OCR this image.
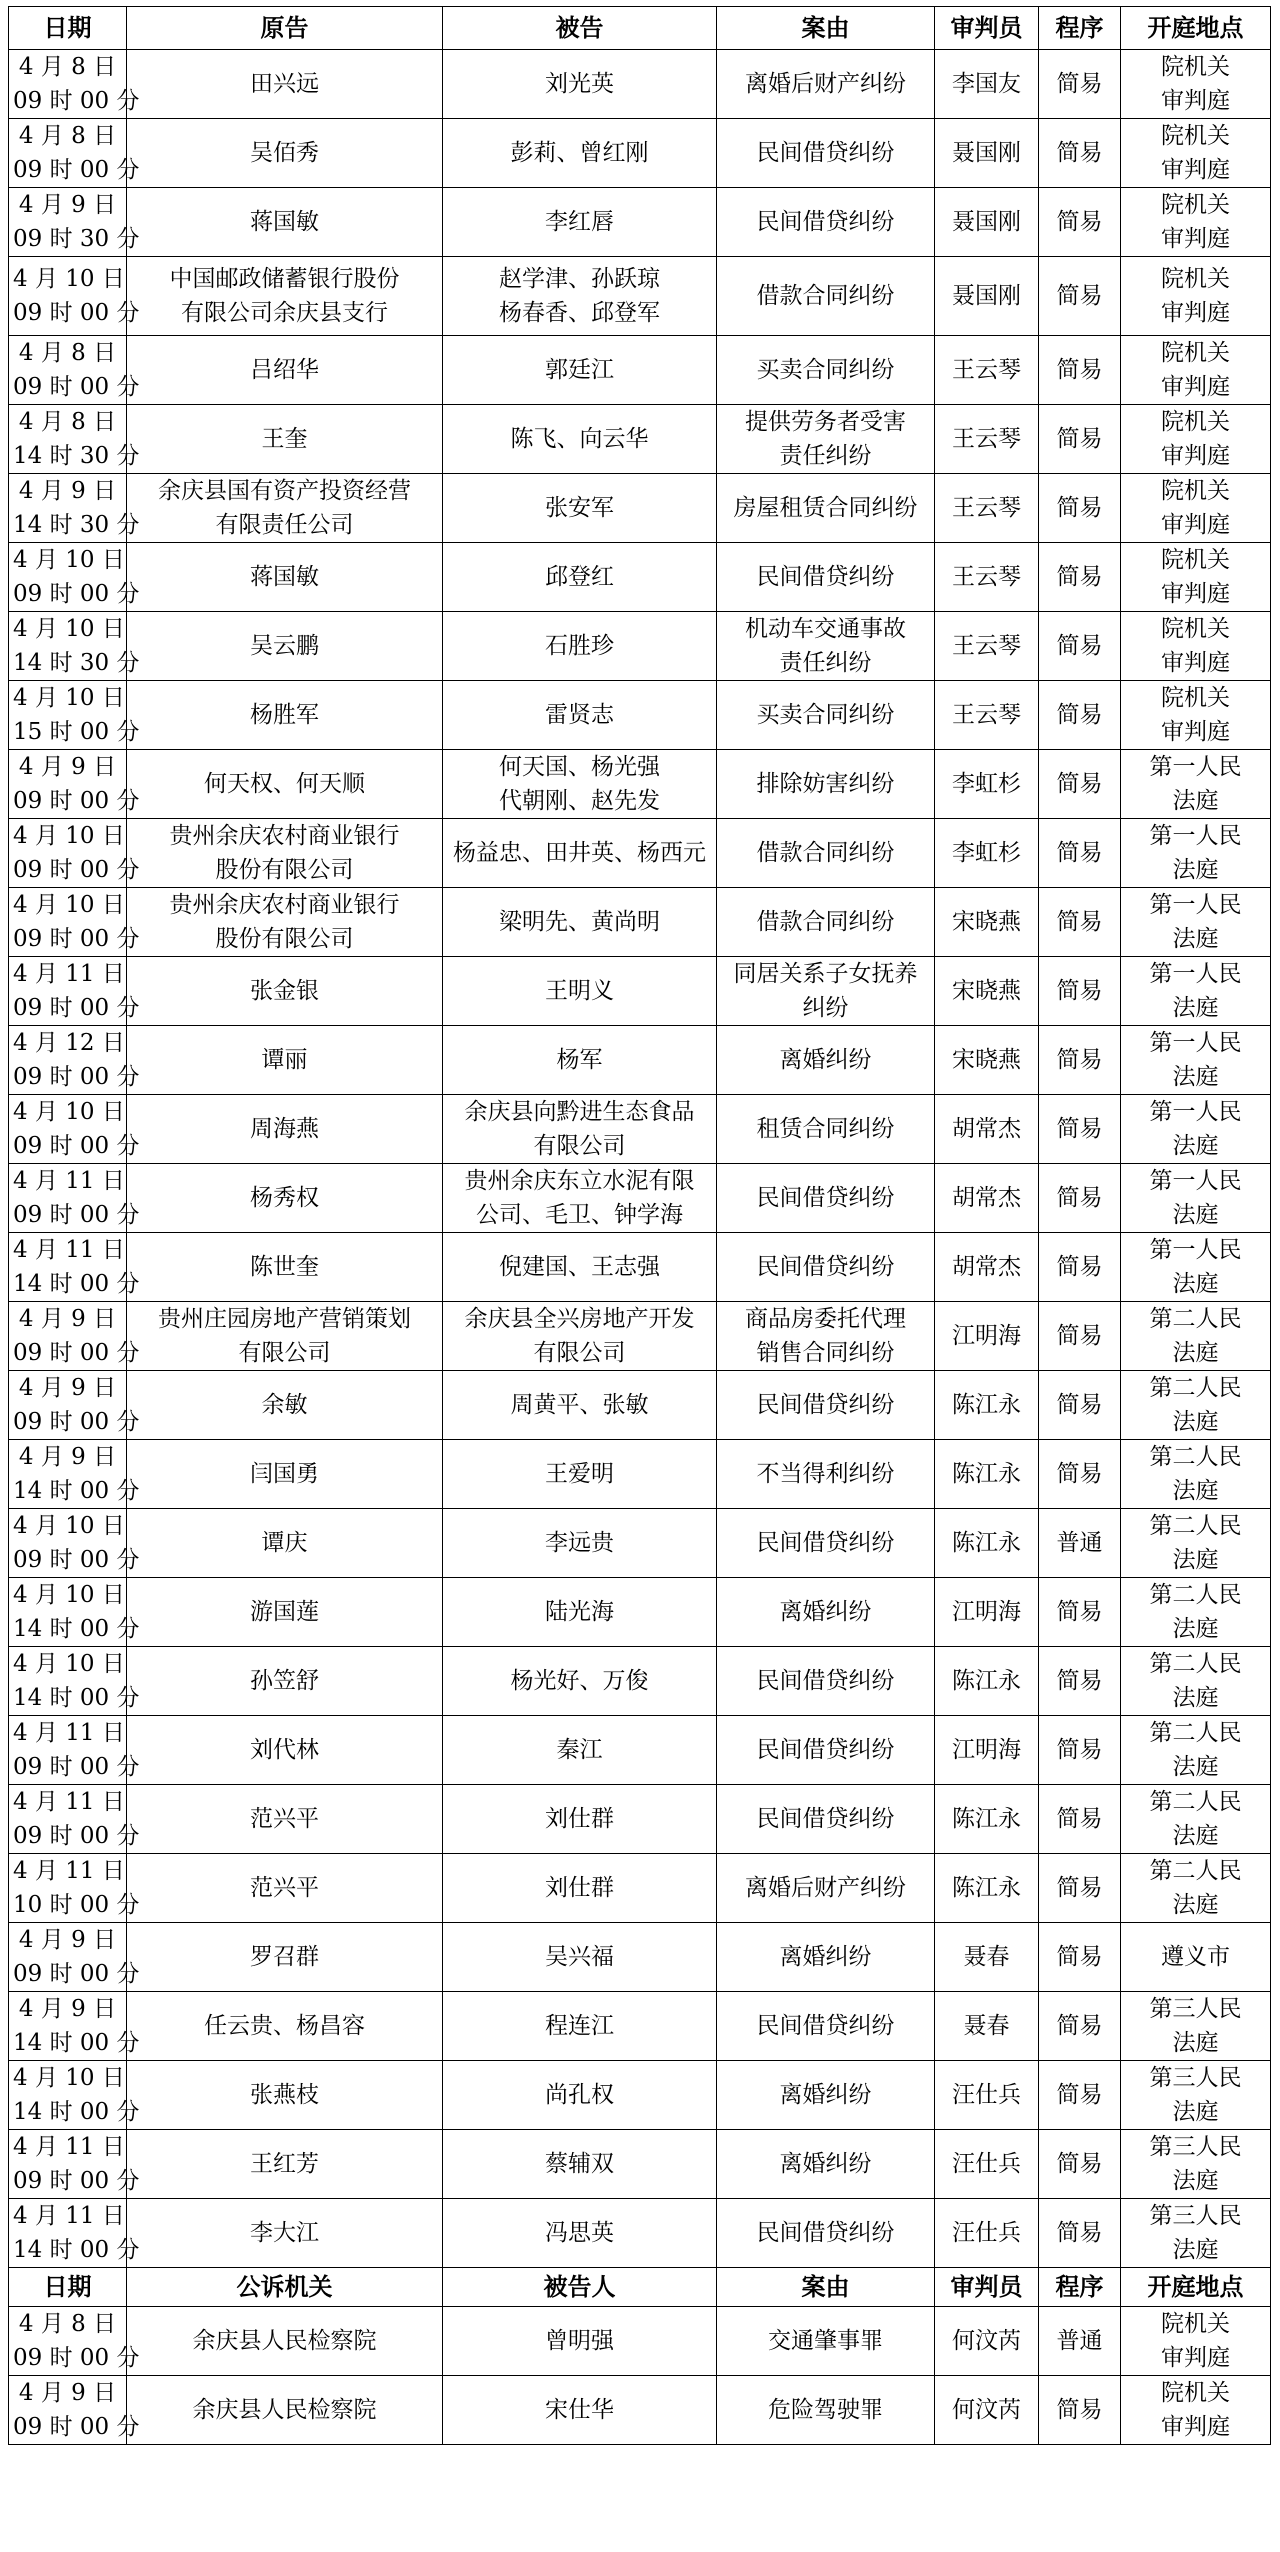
日期	原告	被告	案由	审判员	程序	开庭地点

4 月 8 日
09 时 00 分	田兴远	刘光英	离婚后财产纠纷	李国友	简易	院机关
审判庭

4 月 8 日
09 时 00 分	吴佰秀	彭莉、曾红刚	民间借贷纠纷	聂国刚	简易	院机关
审判庭

4 月 9 日
09 时 30 分	蒋国敏	李红唇	民间借贷纠纷	聂国刚	简易	院机关
审判庭

4 月 10 日
09 时 00 分	中国邮政储蓄银行股份
有限公司余庆县支行	赵学津、孙跃琼
杨春香、邱登军	借款合同纠纷	聂国刚	简易	院机关
审判庭

4 月 8 日
09 时 00 分	吕绍华	郭廷江	买卖合同纠纷	王云琴	简易	院机关
审判庭

4 月 8 日
14 时 30 分	王奎	陈飞、向云华	提供劳务者受害
责任纠纷	王云琴	简易	院机关
审判庭

4 月 9 日
14 时 30 分	余庆县国有资产投资经营
有限责任公司	张安军	房屋租赁合同纠纷	王云琴	简易	院机关
审判庭

4 月 10 日
09 时 00 分	蒋国敏	邱登红	民间借贷纠纷	王云琴	简易	院机关
审判庭

4 月 10 日
14 时 30 分	吴云鹏	石胜珍	机动车交通事故
责任纠纷	王云琴	简易	院机关
审判庭

4 月 10 日
15 时 00 分	杨胜军	雷贤志	买卖合同纠纷	王云琴	简易	院机关
审判庭

4 月 9 日
09 时 00 分	何天权、何天顺	何天国、杨光强
代朝刚、赵先发	排除妨害纠纷	李虹杉	简易	第一人民
法庭

4 月 10 日
09 时 00 分	贵州余庆农村商业银行
股份有限公司	杨益忠、田井英、杨西元	借款合同纠纷	李虹杉	简易	第一人民
法庭

4 月 10 日
09 时 00 分	贵州余庆农村商业银行
股份有限公司	梁明先、黄尚明	借款合同纠纷	宋晓燕	简易	第一人民
法庭

4 月 11 日
09 时 00 分	张金银	王明义	同居关系子女抚养
纠纷	宋晓燕	简易	第一人民
法庭

4 月 12 日
09 时 00 分	谭丽	杨军	离婚纠纷	宋晓燕	简易	第一人民
法庭

4 月 10 日
09 时 00 分	周海燕	余庆县向黔进生态食品
有限公司	租赁合同纠纷	胡常杰	简易	第一人民
法庭

4 月 11 日
09 时 00 分	杨秀权	贵州余庆东立水泥有限
公司、毛卫、钟学海	民间借贷纠纷	胡常杰	简易	第一人民
法庭

4 月 11 日
14 时 00 分	陈世奎	倪建国、王志强	民间借贷纠纷	胡常杰	简易	第一人民
法庭

4 月 9 日
09 时 00 分	贵州庄园房地产营销策划
有限公司	余庆县全兴房地产开发
有限公司	商品房委托代理
销售合同纠纷	江明海	简易	第二人民
法庭

4 月 9 日
09 时 00 分	余敏	周黄平、张敏	民间借贷纠纷	陈江永	简易	第二人民
法庭

4 月 9 日
14 时 00 分	闫国勇	王爱明	不当得利纠纷	陈江永	简易	第二人民
法庭

4 月 10 日
09 时 00 分	谭庆	李远贵	民间借贷纠纷	陈江永	普通	第二人民
法庭

4 月 10 日
14 时 00 分	游国莲	陆光海	离婚纠纷	江明海	简易	第二人民
法庭

4 月 10 日
14 时 00 分	孙笠舒	杨光好、万俊	民间借贷纠纷	陈江永	简易	第二人民
法庭

4 月 11 日
09 时 00 分	刘代林	秦江	民间借贷纠纷	江明海	简易	第二人民
法庭

4 月 11 日
09 时 00 分	范兴平	刘仕群	民间借贷纠纷	陈江永	简易	第二人民
法庭

4 月 11 日
10 时 00 分	范兴平	刘仕群	离婚后财产纠纷	陈江永	简易	第二人民
法庭

4 月 9 日
09 时 00 分	罗召群	吴兴福	离婚纠纷	聂春	简易	遵义市

4 月 9 日
14 时 00 分	任云贵、杨昌容	程连江	民间借贷纠纷	聂春	简易	第三人民
法庭

4 月 10 日
14 时 00 分	张燕枝	尚孔权	离婚纠纷	汪仕兵	简易	第三人民
法庭

4 月 11 日
09 时 00 分	王红芳	蔡辅双	离婚纠纷	汪仕兵	简易	第三人民
法庭

4 月 11 日
14 时 00 分	李大江	冯思英	民间借贷纠纷	汪仕兵	简易	第三人民
法庭

日期	公诉机关	被告人	案由	审判员	程序	开庭地点

4 月 8 日
09 时 00 分	余庆县人民检察院	曾明强	交通肇事罪	何汶芮	普通	院机关
审判庭

4 月 9 日
09 时 00 分	余庆县人民检察院	宋仕华	危险驾驶罪	何汶芮	简易	院机关
审判庭
